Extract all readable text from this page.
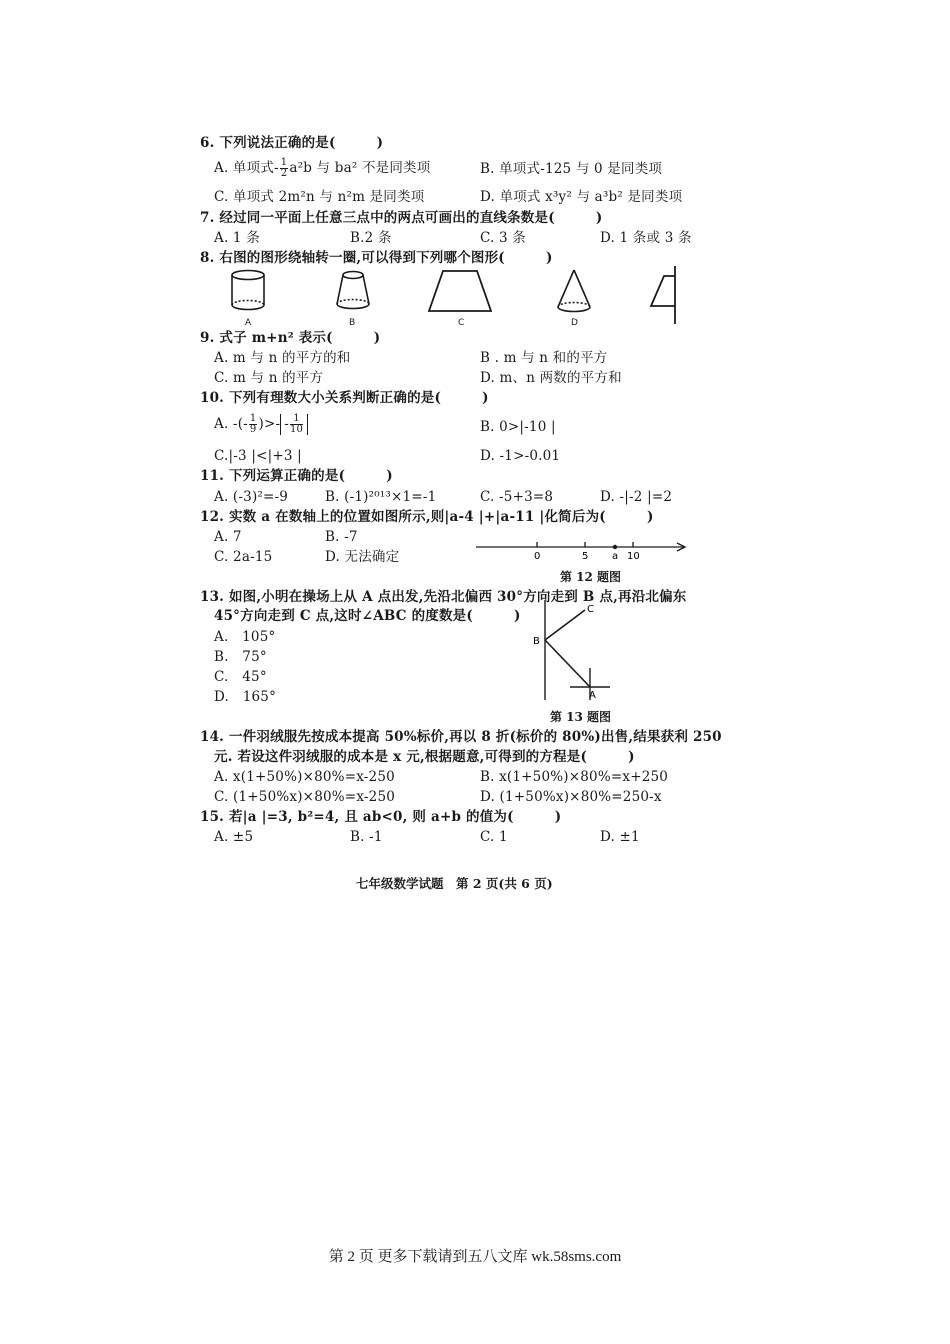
6. 下列说法正确的是(　　　)
A. 单项式- $\frac{1}{2} a^2b$ 与 ba² 不是同类项	B. 单项式-125 与 0 是同类项
C. 单项式 2m²n 与 n²m 是同类项	D. 单项式 x³y² 与 a³b² 是同类项
7. 经过同一平面上任意三点中的两点可画出的直线条数是(　　　)
A. 1 条	B.2 条	C. 3 条	D. 1 条或 3 条
8. 右图的图形绕轴转一圈,可以得到下列哪个图形(　　　)
A	B	C	D
9. 式子 m+n² 表示(　　　)
A. m 与 n 的平方的和	B . m 与 n 和的平方
C. m 与 n 的平方	D. m、n 两数的平方和
10. 下列有理数大小关系判断正确的是(　　　)
A. -(- $\frac{1}{9}$ )>- - $\frac{1}{10}$	B. 0>|-10 |
C.|-3 |<|+3 |	D. -1>-0.01
11. 下列运算正确的是(　　　)
A. (-3)²=-9	B. (-1)²⁰¹³×1=-1	C. -5+3=8	D. -|-2 |=2
12. 实数 a 在数轴上的位置如图所示,则|a-4 |+|a-11 |化简后为(　　　)
A. 7	B. -7
C. 2a-15	D. 无法确定	0	5 a 10
第 12 题图
13. 如图,小明在操场上从 A 点出发,先沿北偏西 30°方向走到 B 点,再沿北偏东
45°方向走到 C 点,这时∠ABC 的度数是(　　　)
A.　105°
B.　75°
C.　45°
D.　165°
B
C
A
第 13 题图
14. 一件羽绒服先按成本提高 50%标价,再以 8 折(标价的 80%)出售,结果获利 250
元. 若设这件羽绒服的成本是 x 元,根据题意,可得到的方程是(　　　)
A. x(1+50%)×80%=x-250	B. x(1+50%)×80%=x+250
C. (1+50%x)×80%=x-250	D. (1+50%x)×80%=250-x
15. 若|a |=3, b²=4, 且 ab<0, 则 a+b 的值为(　　　)
A. ±5	B. -1	C. 1	D. ±1
七年级数学试题　第 2 页(共 6 页)
第 2 页 更多下载请到五八文库 wk.58sms.com
